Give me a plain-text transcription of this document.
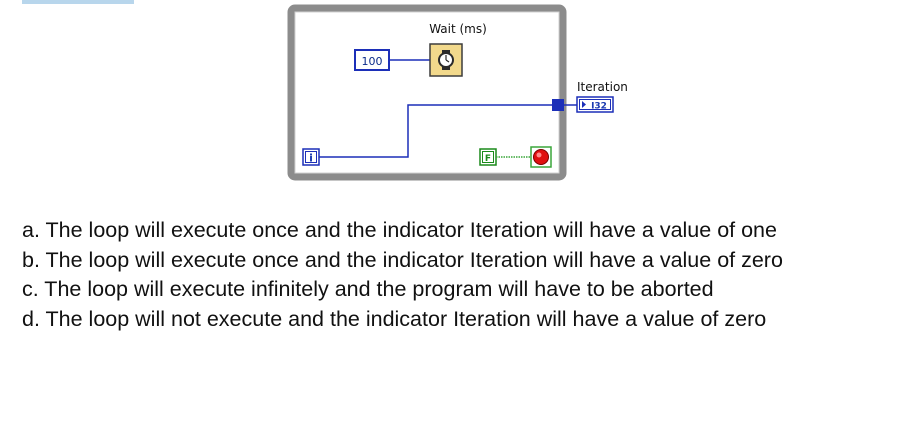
Wait (ms)
100
Iteration
I32
i	F

a. The loop will execute once and the indicator Iteration will have a value of one

b. The loop will execute once and the indicator Iteration will have a value of zero

c. The loop will execute infinitely and the program will have to be aborted

d. The loop will not execute and the indicator Iteration will have a value of zero
